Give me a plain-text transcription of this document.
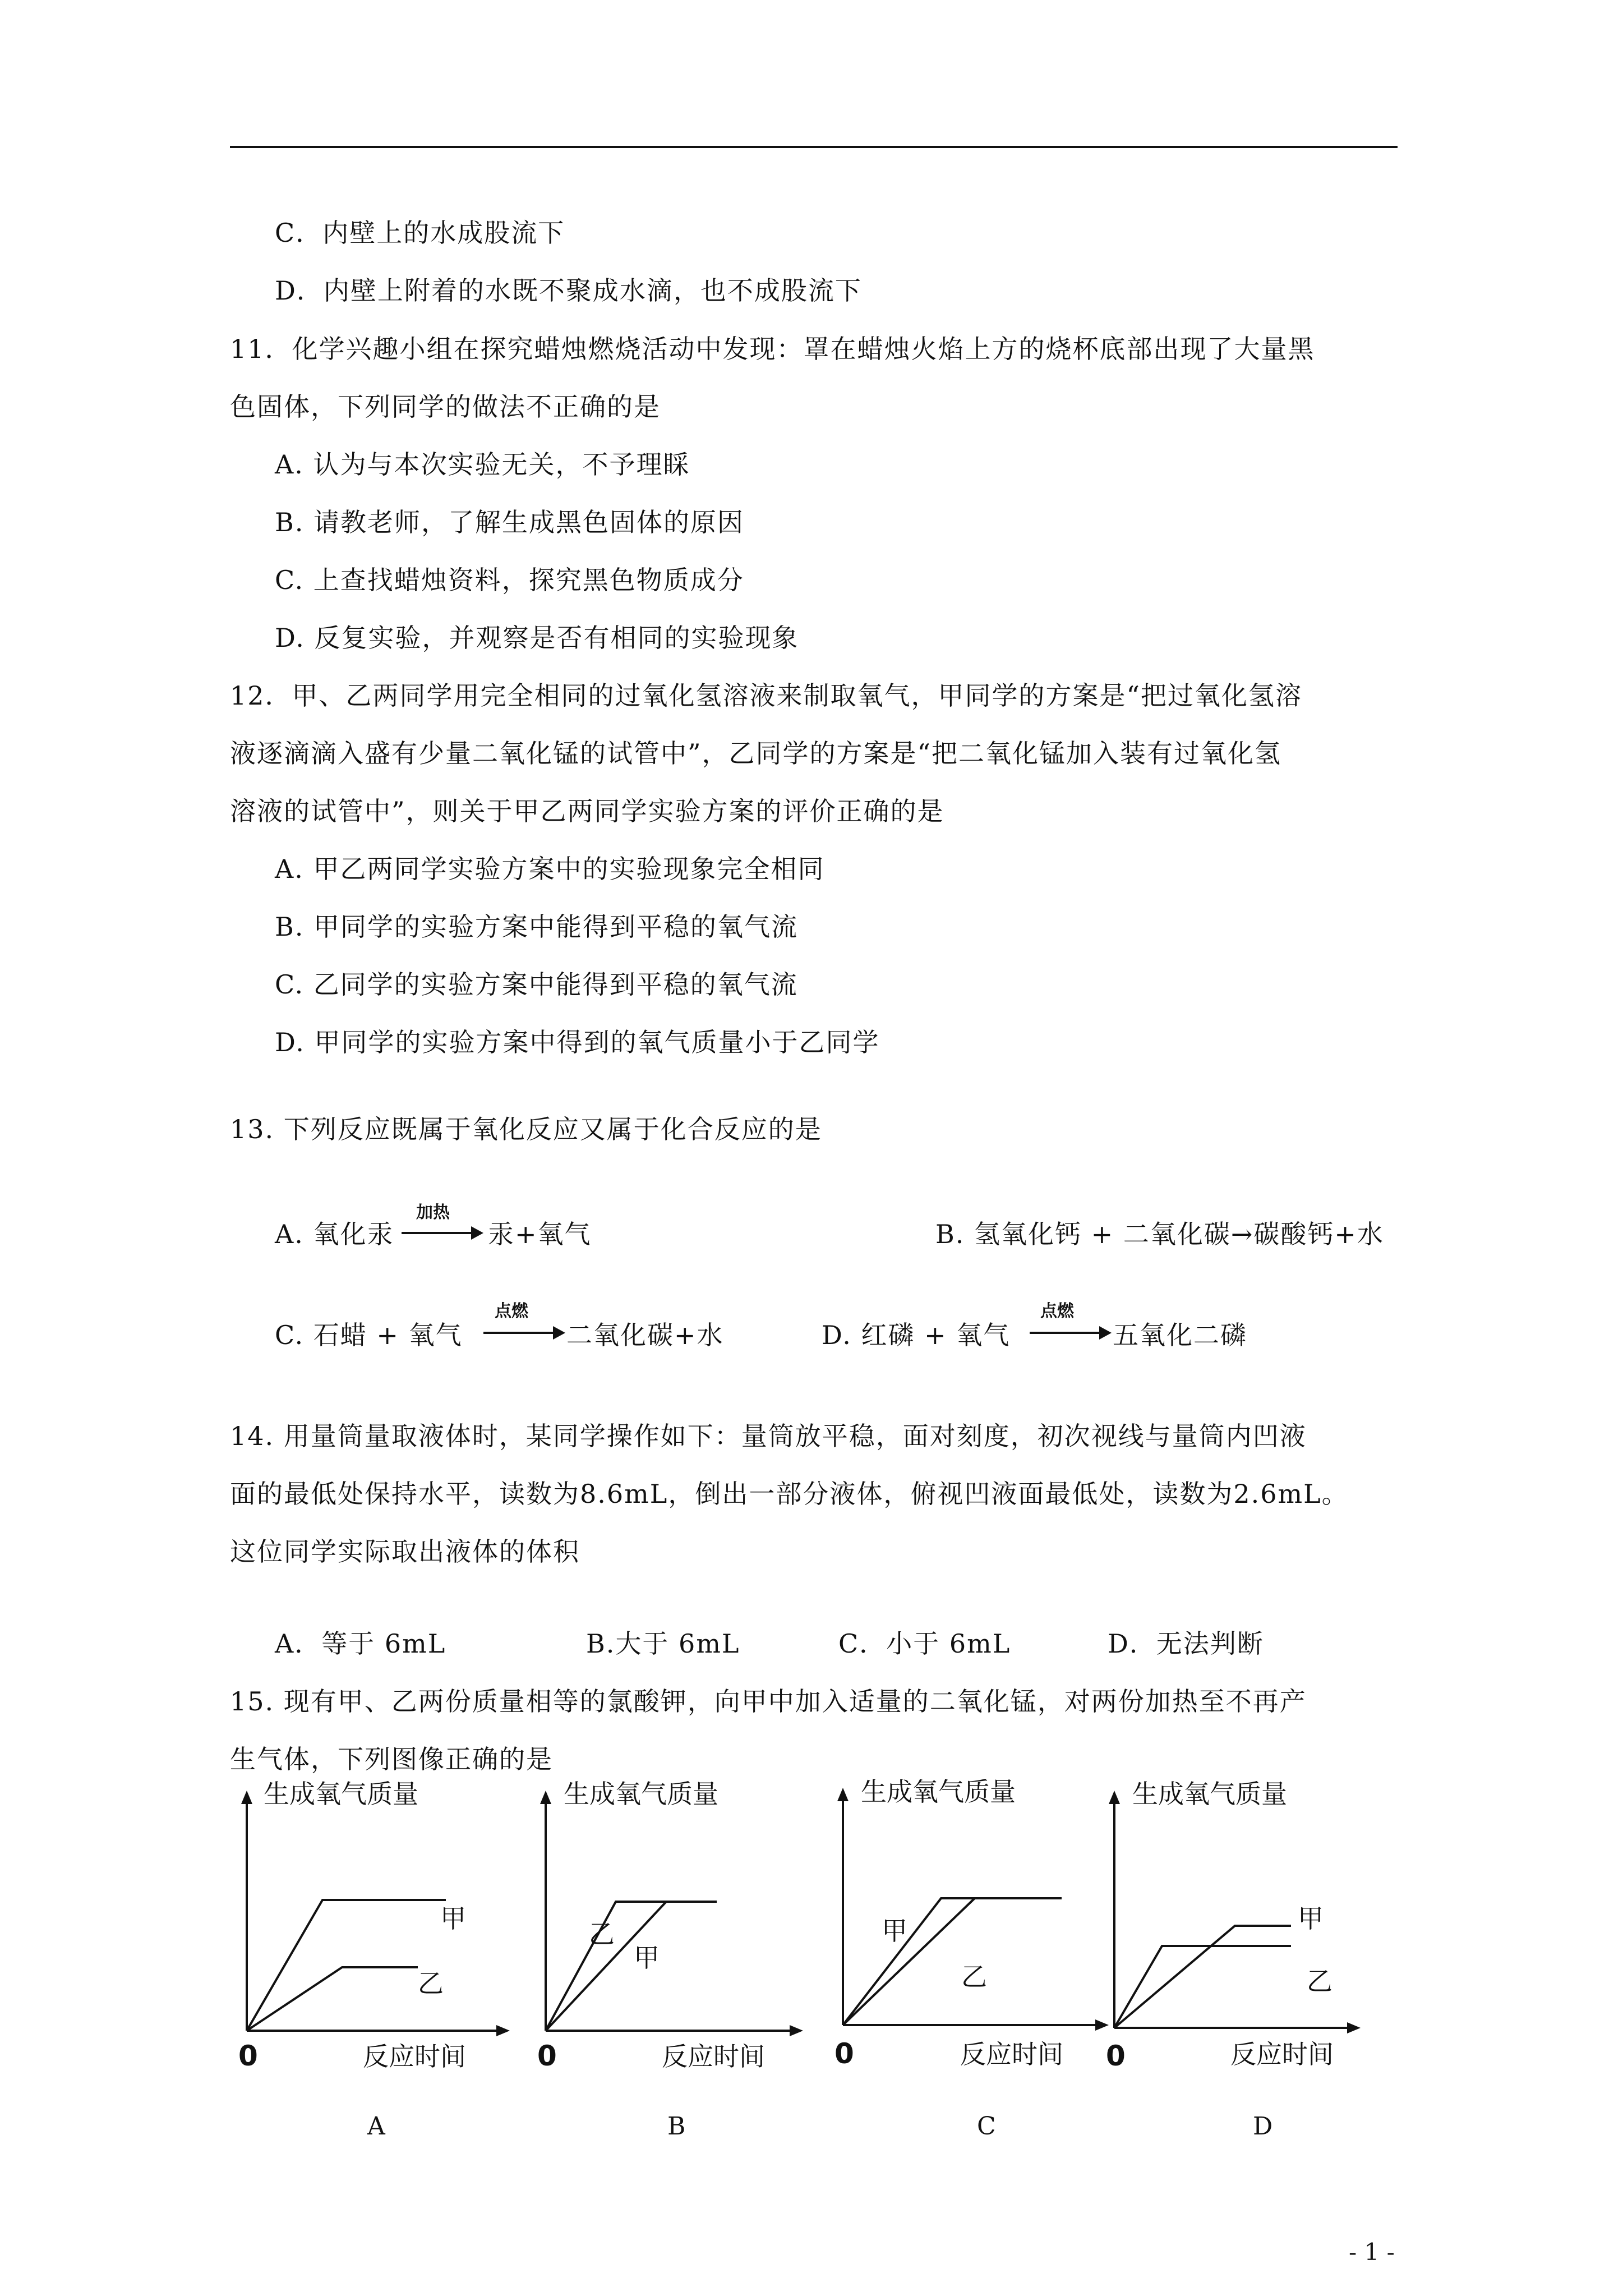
C．内壁上的水成股流下
D．内壁上附着的水既不聚成水滴，也不成股流下
11．化学兴趣小组在探究蜡烛燃烧活动中发现：罩在蜡烛火焰上方的烧杯底部出现了大量黑
色固体，下列同学的做法不正确的是
A. 认为与本次实验无关，不予理睬
B. 请教老师，了解生成黑色固体的原因
C. 上查找蜡烛资料，探究黑色物质成分
D. 反复实验，并观察是否有相同的实验现象
12．甲、乙两同学用完全相同的过氧化氢溶液来制取氧气，甲同学的方案是“把过氧化氢溶
液逐滴滴入盛有少量二氧化锰的试管中”，乙同学的方案是“把二氧化锰加入装有过氧化氢
溶液的试管中”，则关于甲乙两同学实验方案的评价正确的是
A. 甲乙两同学实验方案中的实验现象完全相同
B. 甲同学的实验方案中能得到平稳的氧气流
C. 乙同学的实验方案中能得到平稳的氧气流
D. 甲同学的实验方案中得到的氧气质量小于乙同学
13. 下列反应既属于氧化反应又属于化合反应的是
A. 氧化汞
加热
汞+氧气	B. 氢氧化钙 + 二氧化碳→碳酸钙+水
C. 石蜡 + 氧气
点燃
二氧化碳+水	D. 红磷 + 氧气
点燃
五氧化二磷
14. 用量筒量取液体时，某同学操作如下：量筒放平稳，面对刻度，初次视线与量筒内凹液
面的最低处保持水平，读数为8.6mL，倒出一部分液体，俯视凹液面最低处，读数为2.6mL。
这位同学实际取出液体的体积
A．等于 6mL	B.大于 6mL	C．小于 6mL	D．无法判断
15. 现有甲、乙两份质量相等的氯酸钾，向甲中加入适量的二氧化锰，对两份加热至不再产
生气体，下列图像正确的是
生成氧气质量
甲
乙
0	反应时间
A
生成氧气质量
乙
甲
0	反应时间
B
生成氧气质量
甲
乙
0	反应时间
C
生成氧气质量
甲
乙
0	反应时间
D
- 1 -
